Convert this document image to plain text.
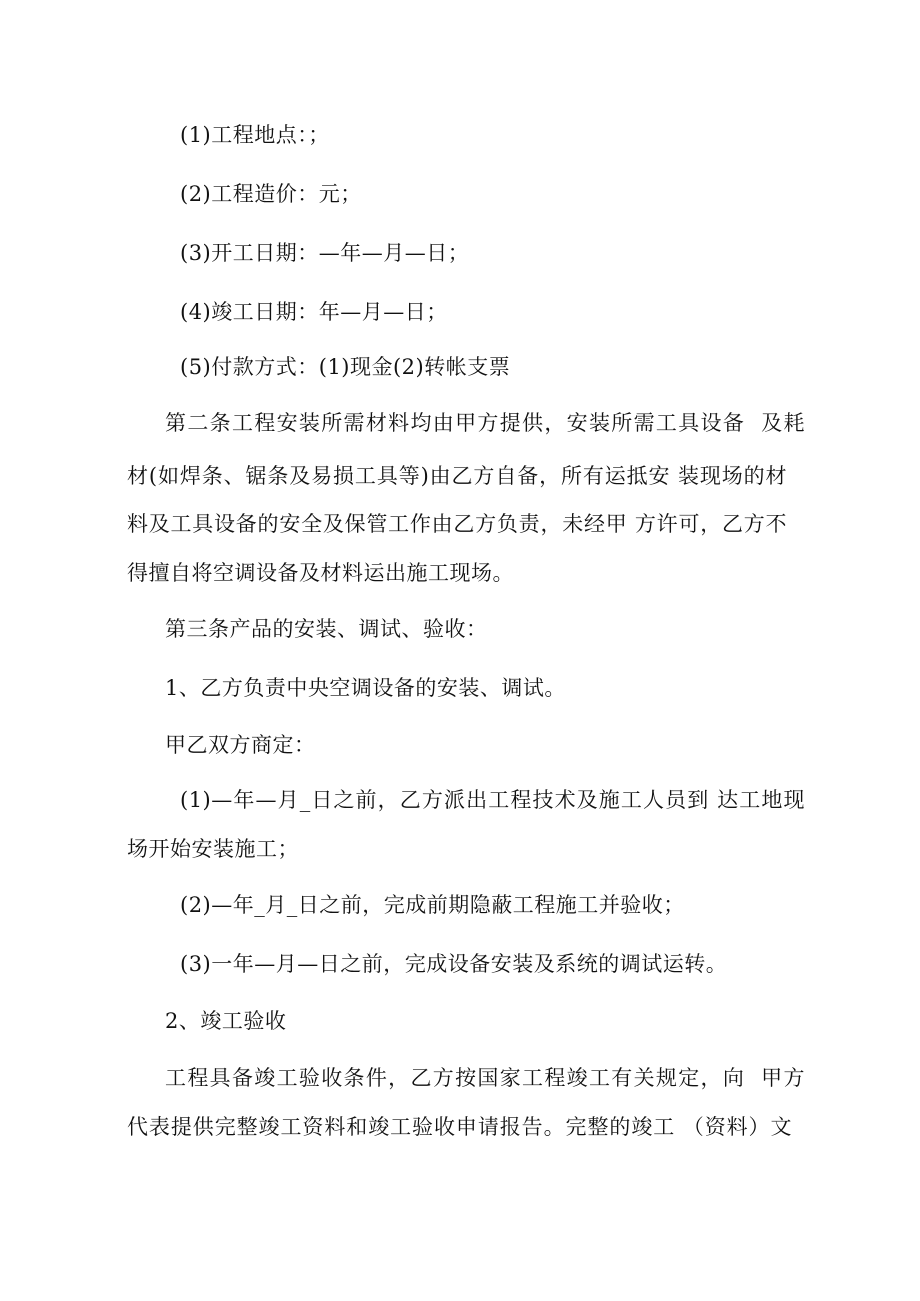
(1)工程地点：；
(2)工程造价：元；
(3)开工日期：—年—月—日；
(4)竣工日期：年—月—日；
(5)付款方式：(1)现金(2)转帐支票
第二条工程安装所需材料均由甲方提供，安装所需工具设备  及耗
材(如焊条、锯条及易损工具等)由乙方自备，所有运抵安 装现场的材
料及工具设备的安全及保管工作由乙方负责，未经甲 方许可，乙方不
得擅自将空调设备及材料运出施工现场。
第三条产品的安装、调试、验收：
1、乙方负责中央空调设备的安装、调试。
甲乙双方商定：
(1)—年—月_日之前，乙方派出工程技术及施工人员到 达工地现
场开始安装施工；
(2)—年_月_日之前，完成前期隐蔽工程施工并验收；
(3)一年—月—日之前，完成设备安装及系统的调试运转。
2、竣工验收
工程具备竣工验收条件，乙方按国家工程竣工有关规定，向  甲方
代表提供完整竣工资料和竣工验收申请报告。完整的竣工 （资料）文
